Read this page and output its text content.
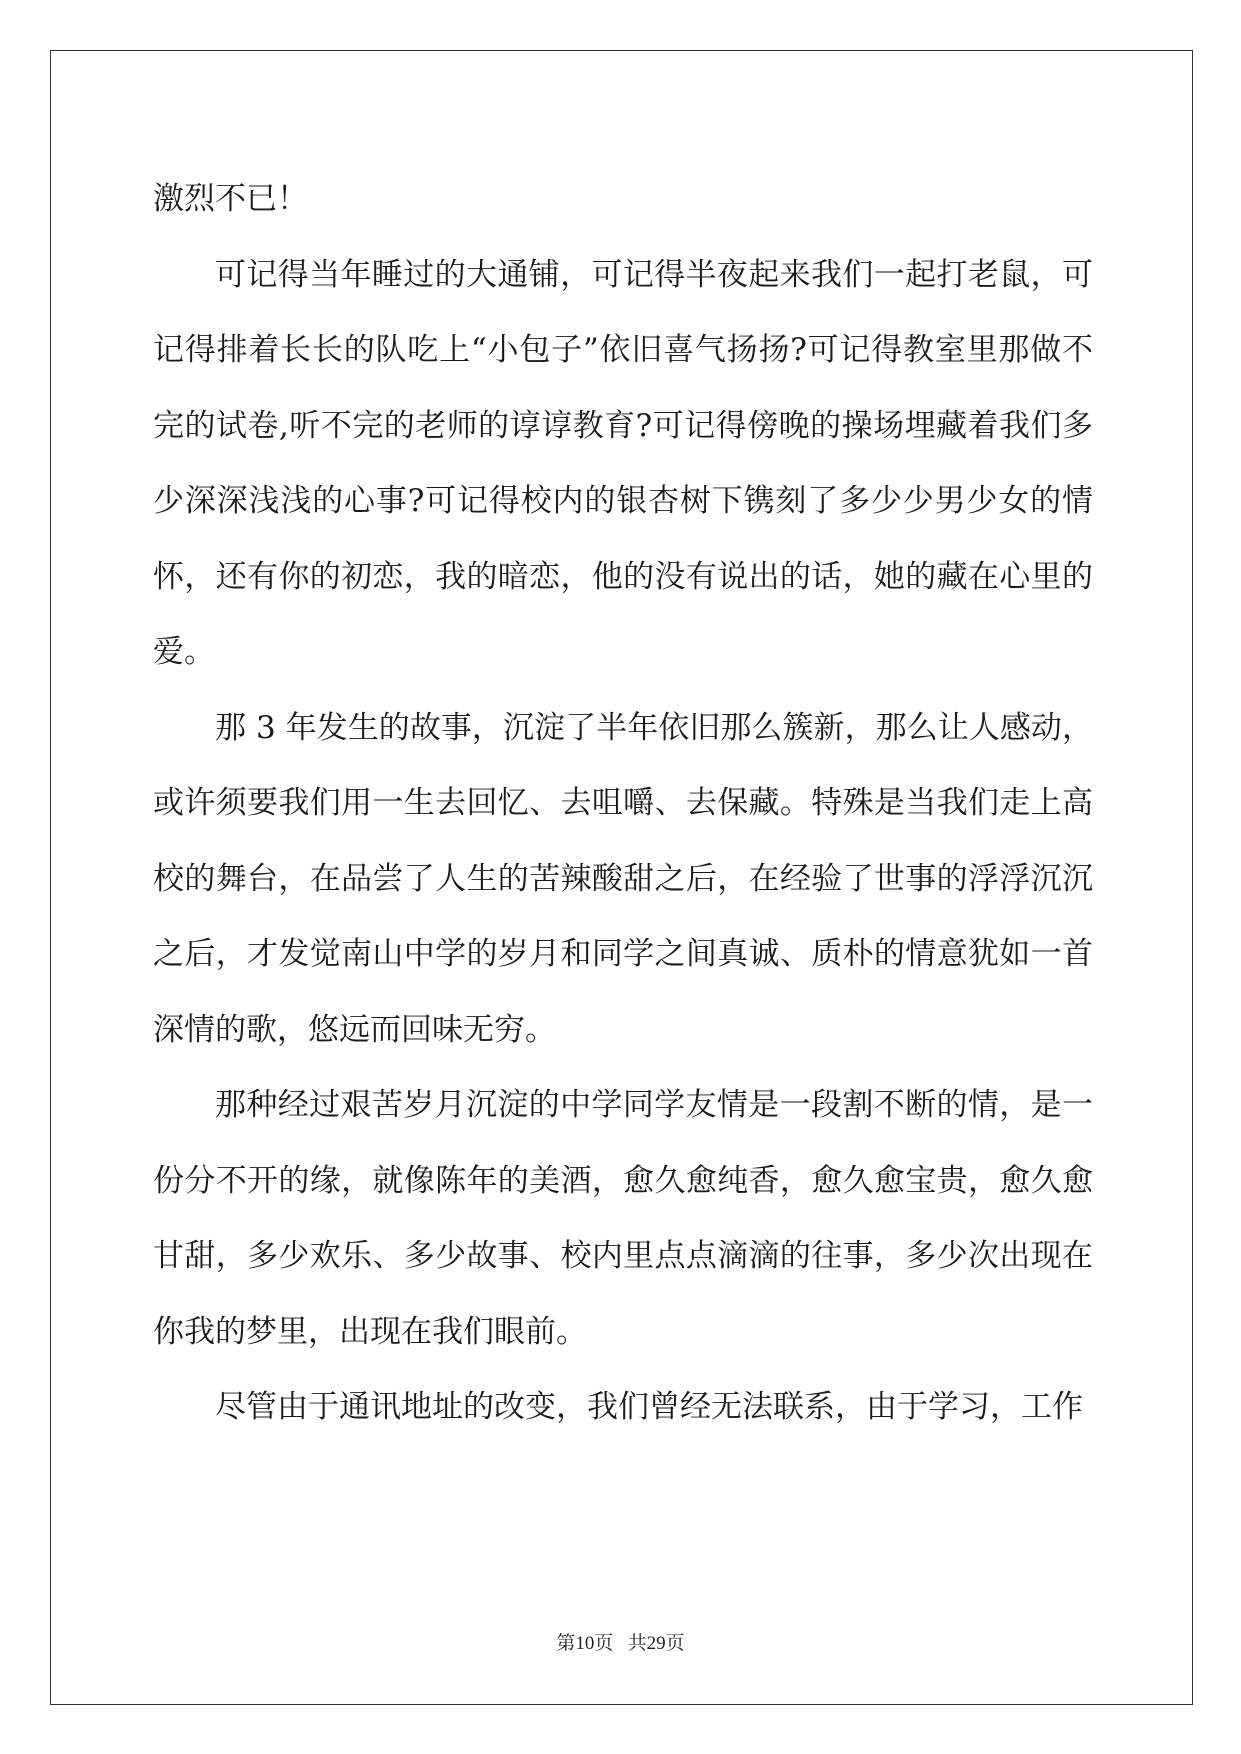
激烈不已！

可记得当年睡过的大通铺，可记得半夜起来我们一起打老鼠，可记得排着长长的队吃上“小包子”依旧喜气扬扬?可记得教室里那做不完的试卷,听不完的老师的谆谆教育?可记得傍晚的操场埋藏着我们多少深深浅浅的心事?可记得校内的银杏树下镌刻了多少少男少女的情怀，还有你的初恋，我的暗恋，他的没有说出的话，她的藏在心里的爱。

那 3 年发生的故事，沉淀了半年依旧那么簇新，那么让人感动，或许须要我们用一生去回忆、去咀嚼、去保藏。特殊是当我们走上高校的舞台，在品尝了人生的苦辣酸甜之后，在经验了世事的浮浮沉沉之后，才发觉南山中学的岁月和同学之间真诚、质朴的情意犹如一首深情的歌，悠远而回味无穷。

那种经过艰苦岁月沉淀的中学同学友情是一段割不断的情，是一份分不开的缘，就像陈年的美酒，愈久愈纯香，愈久愈宝贵，愈久愈甘甜，多少欢乐、多少故事、校内里点点滴滴的往事，多少次出现在你我的梦里，出现在我们眼前。

尽管由于通讯地址的改变，我们曾经无法联系，由于学习，工作

第10页 共29页
